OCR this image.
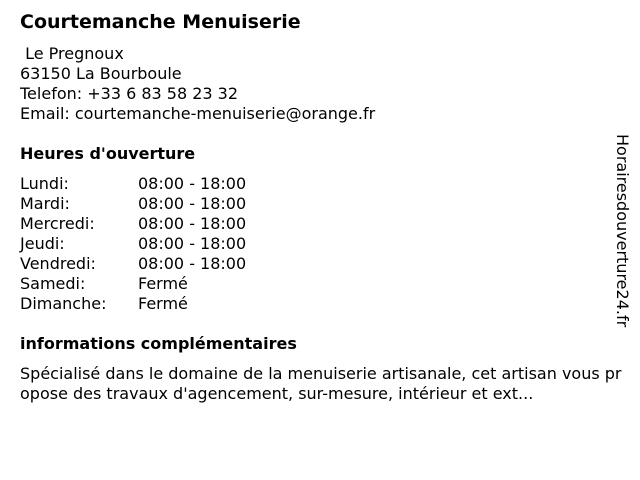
Courtemanche Menuiserie
Le Pregnoux
63150 La Bourboule
Telefon: +33 6 83 58 23 32
Email: courtemanche-menuiserie@orange.fr
Heures d'ouverture
Lundi:	08:00 - 18:00
Mardi:	08:00 - 18:00
Mercredi:	08:00 - 18:00
Jeudi:	08:00 - 18:00
Vendredi:	08:00 - 18:00
Samedi:	Fermé
Dimanche:	Fermé
informations complémentaires
Spécialisé dans le domaine de la menuiserie artisanale, cet artisan vous propose des travaux d'agencement, sur-mesure, intérieur et ext...
Horairesdouverture24.fr
